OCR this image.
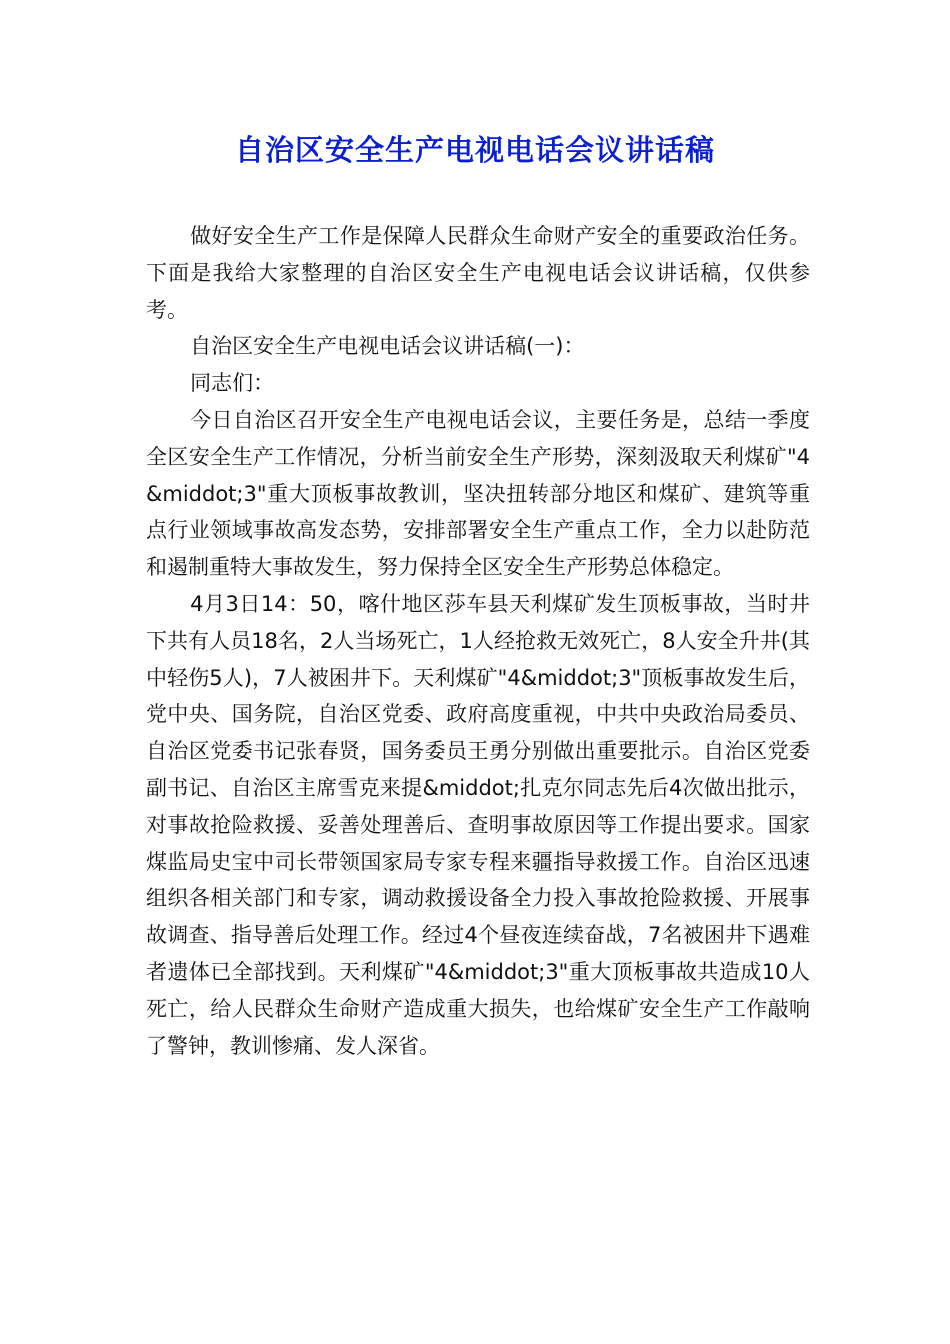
自治区安全生产电视电话会议讲话稿

做好安全生产工作是保障人民群众生命财产安全的重要政治任务。下面是我给大家整理的自治区安全生产电视电话会议讲话稿，仅供参考。

自治区安全生产电视电话会议讲话稿(一)：

同志们：

今日自治区召开安全生产电视电话会议，主要任务是，总结一季度全区安全生产工作情况，分析当前安全生产形势，深刻汲取天利煤矿"4&middot;3"重大顶板事故教训，坚决扭转部分地区和煤矿、建筑等重点行业领域事故高发态势，安排部署安全生产重点工作，全力以赴防范和遏制重特大事故发生，努力保持全区安全生产形势总体稳定。

4月3日14：50，喀什地区莎车县天利煤矿发生顶板事故，当时井下共有人员18名，2人当场死亡，1人经抢救无效死亡，8人安全升井(其中轻伤5人)，7人被困井下。天利煤矿"4&middot;3"顶板事故发生后，党中央、国务院，自治区党委、政府高度重视，中共中央政治局委员、自治区党委书记张春贤，国务委员王勇分别做出重要批示。自治区党委副书记、自治区主席雪克来提&middot;扎克尔同志先后4次做出批示，对事故抢险救援、妥善处理善后、查明事故原因等工作提出要求。国家煤监局史宝中司长带领国家局专家专程来疆指导救援工作。自治区迅速组织各相关部门和专家，调动救援设备全力投入事故抢险救援、开展事故调查、指导善后处理工作。经过4个昼夜连续奋战，7名被困井下遇难者遗体已全部找到。天利煤矿"4&middot;3"重大顶板事故共造成10人死亡，给人民群众生命财产造成重大损失，也给煤矿安全生产工作敲响了警钟，教训惨痛、发人深省。
